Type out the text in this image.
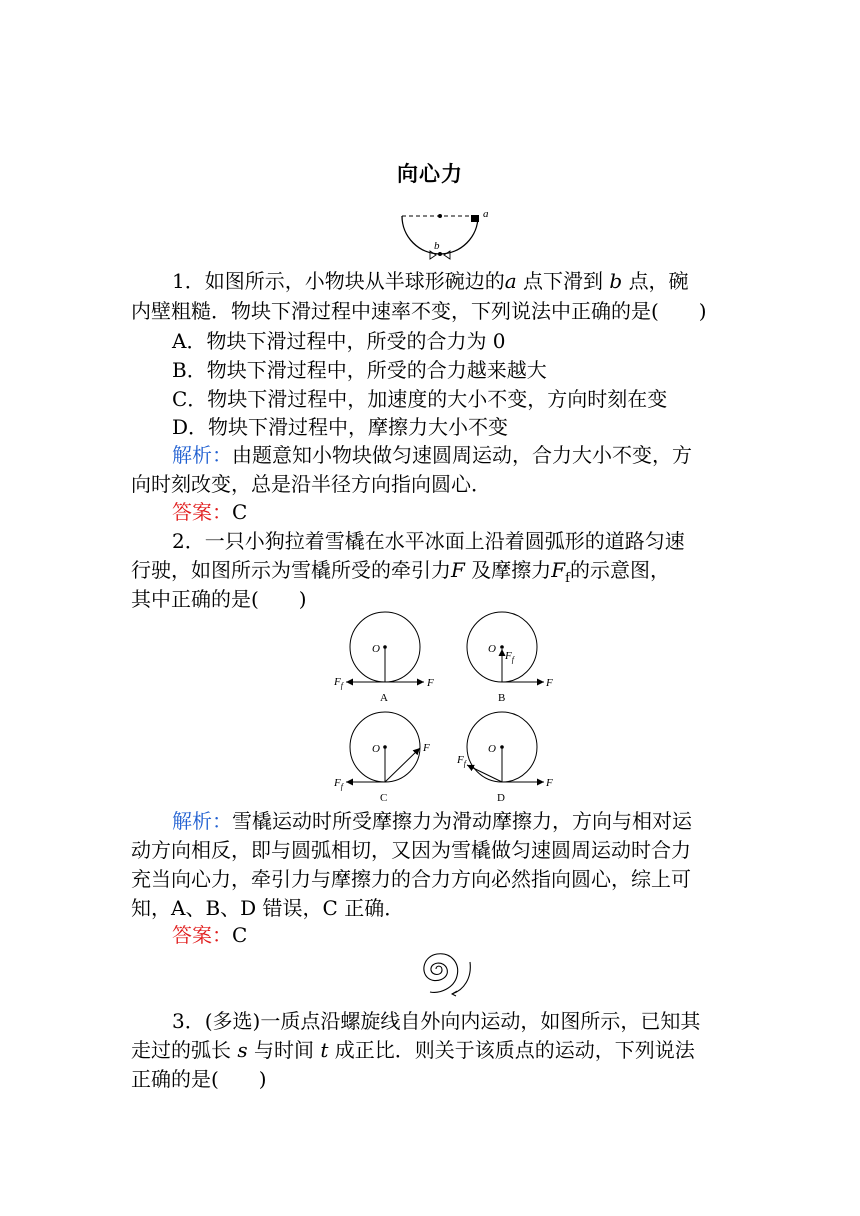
向心力
a
b
1．如图所示，小物块从半球形碗边的a 点下滑到 b 点，碗
内壁粗糙．物块下滑过程中速率不变，下列说法中正确的是(　　)
A．物块下滑过程中，所受的合力为 0
B．物块下滑过程中，所受的合力越来越大
C．物块下滑过程中，加速度的大小不变，方向时刻在变
D．物块下滑过程中，摩擦力大小不变
解析：由题意知小物块做匀速圆周运动，合力大小不变，方
向时刻改变，总是沿半径方向指向圆心．
答案：C
2．一只小狗拉着雪橇在水平冰面上沿着圆弧形的道路匀速
行驶，如图所示为雪橇所受的牵引力F 及摩擦力$F_f$的示意图，
其中正确的是(　　)
O
$F_f$	F
A
O
$F_f$
F
B
O
$F_f$
F
C
O
$F_f$
F
D
解析：雪橇运动时所受摩擦力为滑动摩擦力，方向与相对运
动方向相反，即与圆弧相切，又因为雪橇做匀速圆周运动时合力
充当向心力，牵引力与摩擦力的合力方向必然指向圆心，综上可
知，A、B、D 错误，C 正确．
答案：C
3．(多选)一质点沿螺旋线自外向内运动，如图所示，已知其
走过的弧长 s 与时间 t 成正比．则关于该质点的运动，下列说法
正确的是(　　)
